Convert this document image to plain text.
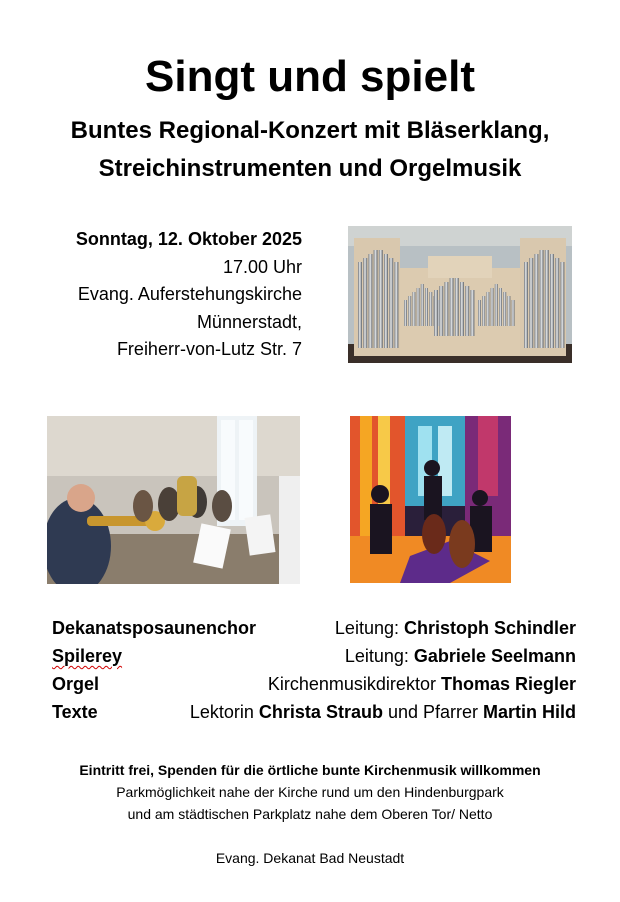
Singt und spielt
Buntes Regional-Konzert mit Bläserklang,
Streichinstrumenten und Orgelmusik
Sonntag, 12. Oktober 2025
17.00 Uhr
Evang. Auferstehungskirche
Münnerstadt,
Freiherr-von-Lutz Str. 7
Dekanatsposaunenchor	Leitung: Christoph Schindler
Spilerey	Leitung: Gabriele Seelmann
Orgel	Kirchenmusikdirektor Thomas Riegler
Texte	Lektorin Christa Straub und Pfarrer Martin Hild
Eintritt frei, Spenden für die örtliche bunte Kirchenmusik willkommen
Parkmöglichkeit nahe der Kirche rund um den Hindenburgpark
und am städtischen Parkplatz nahe dem Oberen Tor/ Netto
Evang. Dekanat Bad Neustadt
